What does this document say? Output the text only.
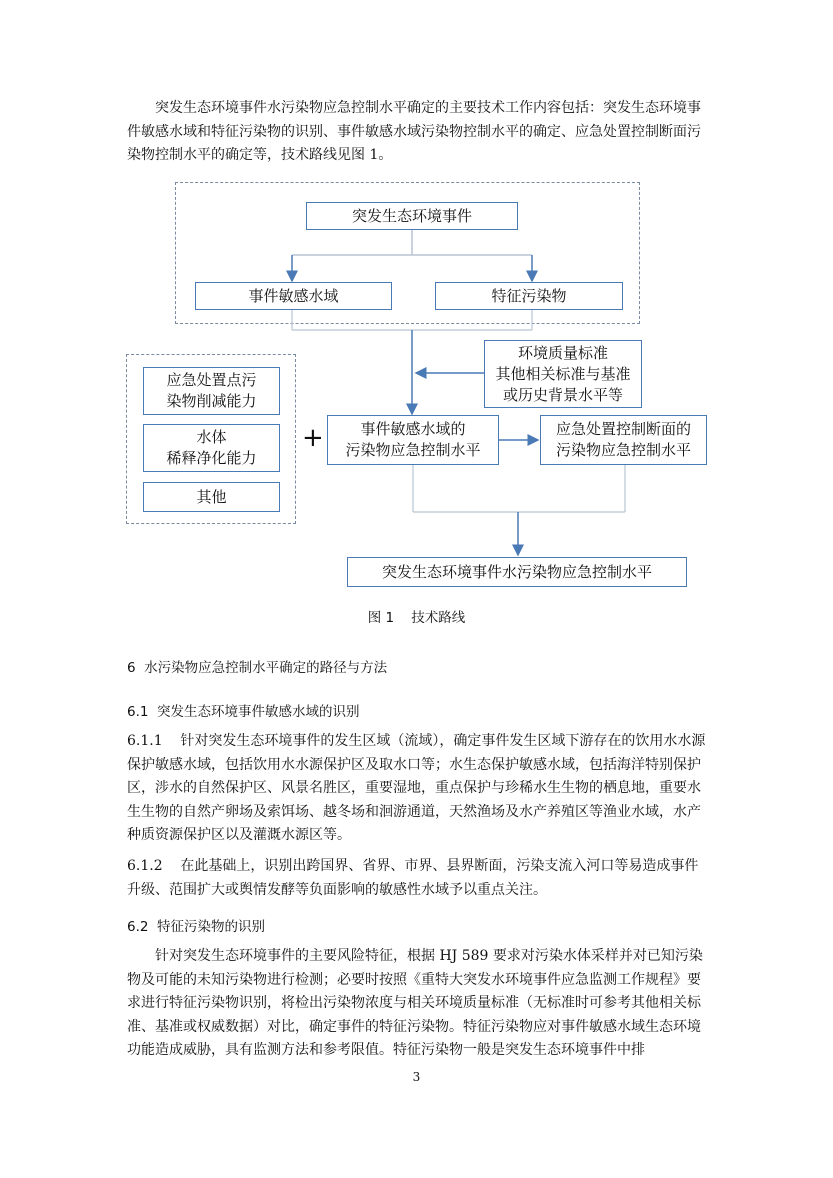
突发生态环境事件水污染物应急控制水平确定的主要技术工作内容包括：突发生态环境事件敏感水域和特征污染物的识别、事件敏感水域污染物控制水平的确定、应急处置控制断面污染物控制水平的确定等，技术路线见图 1。

突发生态环境事件
事件敏感水域	特征污染物
环境质量标准
其他相关标准与基准
或历史背景水平等
应急处置点污
染物削减能力
水体
稀释净化能力
其他
+ 事件敏感水域的
污染物应急控制水平
应急处置控制断面的
污染物应急控制水平
突发生态环境事件水污染物应急控制水平
图 1    技术路线

6  水污染物应急控制水平确定的路径与方法

6.1  突发生态环境事件敏感水域的识别

6.1.1    针对突发生态环境事件的发生区域（流域），确定事件发生区域下游存在的饮用水水源保护敏感水域，包括饮用水水源保护区及取水口等；水生态保护敏感水域，包括海洋特别保护区，涉水的自然保护区、风景名胜区，重要湿地，重点保护与珍稀水生生物的栖息地，重要水生生物的自然产卵场及索饵场、越冬场和洄游通道，天然渔场及水产养殖区等渔业水域，水产种质资源保护区以及灌溉水源区等。

6.1.2    在此基础上，识别出跨国界、省界、市界、县界断面，污染支流入河口等易造成事件升级、范围扩大或舆情发酵等负面影响的敏感性水域予以重点关注。

6.2  特征污染物的识别

针对突发生态环境事件的主要风险特征，根据 HJ 589 要求对污染水体采样并对已知污染物及可能的未知污染物进行检测；必要时按照《重特大突发水环境事件应急监测工作规程》要求进行特征污染物识别，将检出污染物浓度与相关环境质量标准（无标准时可参考其他相关标准、基准或权威数据）对比，确定事件的特征污染物。特征污染物应对事件敏感水域生态环境功能造成威胁，具有监测方法和参考限值。特征污染物一般是突发生态环境事件中排

3
